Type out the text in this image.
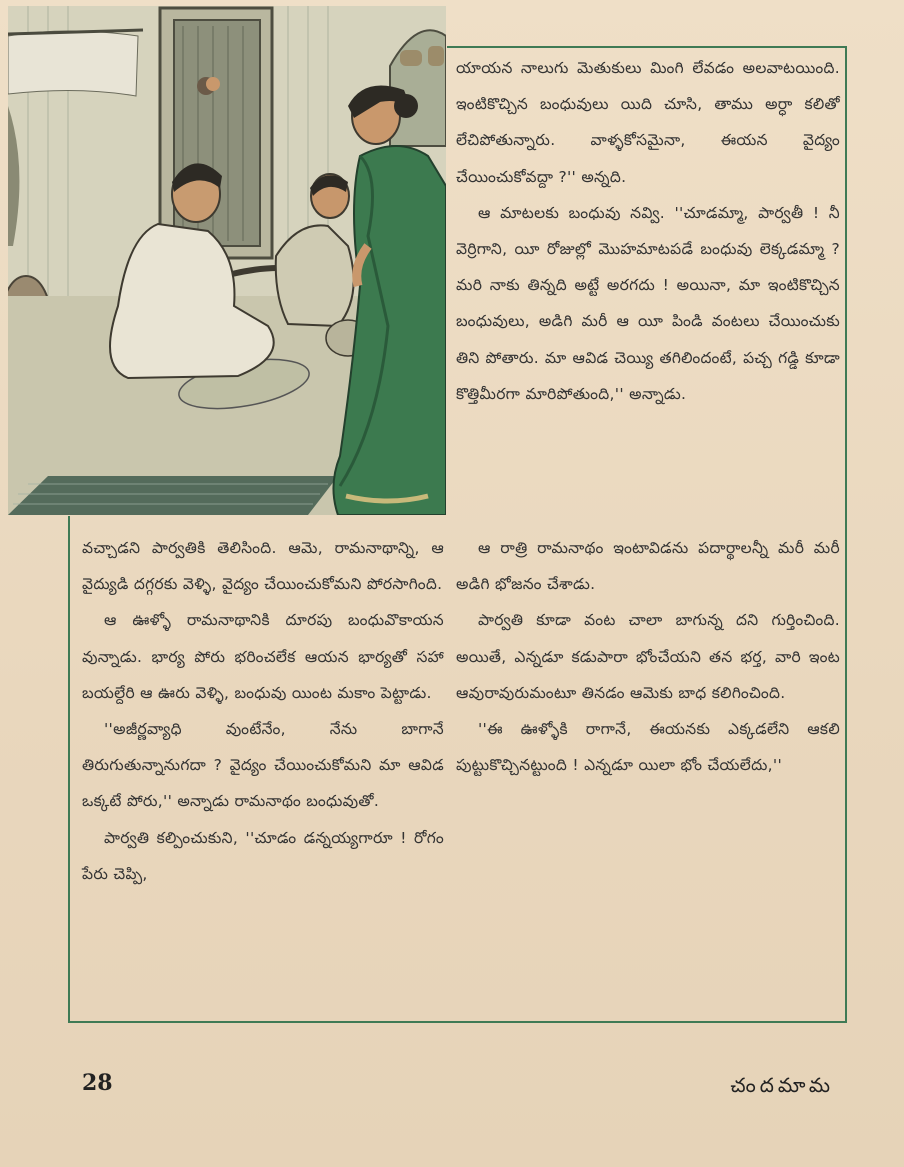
యాయన నాలుగు మెతుకులు మింగి లేవడం అలవాటయింది. ఇంటికొచ్చిన బంధువులు యిది చూసి, తాము అర్ధా కలితో లేచిపోతున్నారు. వాళ్ళకోసమైనా, ఈయన వైద్యం చేయించుకోవద్దా ?'' అన్నది.

ఆ మాటలకు బంధువు నవ్వి. ''చూడమ్మా, పార్వతీ ! నీ వెర్రిగాని, యీ రోజుల్లో మొహమాటపడే బంధువు లెక్కడమ్మా ? మరి నాకు తిన్నది అట్టే అరగదు ! అయినా, మా ఇంటికొచ్చిన బంధువులు, అడిగి మరీ ఆ యీ పిండి వంటలు చేయించుకు తిని పోతారు. మా ఆవిడ చెయ్యి తగిలిందంటే, పచ్చ గడ్డి కూడా కొత్తిమీరగా మారిపోతుంది,'' అన్నాడు.

వచ్చాడని పార్వతికి తెలిసింది. ఆమె, రామనాథాన్ని, ఆ వైద్యుడి దగ్గరకు వెళ్ళి, వైద్యం చేయించుకోమని పోరసాగింది.

ఆ ఊళ్ళో రామనాథానికి దూరపు బంధువొకాయన వున్నాడు. భార్య పోరు భరించలేక ఆయన భార్యతో సహా బయల్దేరి ఆ ఊరు వెళ్ళి, బంధువు యింట మకాం పెట్టాడు.

''అజీర్ణవ్యాధి వుంటేనేం, నేను బాగానే తిరుగుతున్నానుగదా ? వైద్యం చేయించుకోమని మా ఆవిడ ఒక్కటే పోరు,'' అన్నాడు రామనాథం బంధువుతో.

పార్వతి కల్పించుకుని, ''చూడం డన్నయ్యగారూ ! రోగం పేరు చెప్పి,

ఆ రాత్రి రామనాథం ఇంటావిడను పదార్థాలన్నీ మరీ మరీ అడిగి భోజనం చేశాడు.

పార్వతి కూడా వంట చాలా బాగున్న దని గుర్తించింది. అయితే, ఎన్నడూ కడుపారా భోంచేయని తన భర్త, వారి ఇంట ఆవురావురుమంటూ తినడం ఆమెకు బాధ కలిగించింది.

''ఈ ఊళ్ళోకి రాగానే, ఈయనకు ఎక్కడలేని ఆకలి పుట్టుకొచ్చినట్టుంది ! ఎన్నడూ యిలా భోం చేయలేదు,''

28	చందమామ
